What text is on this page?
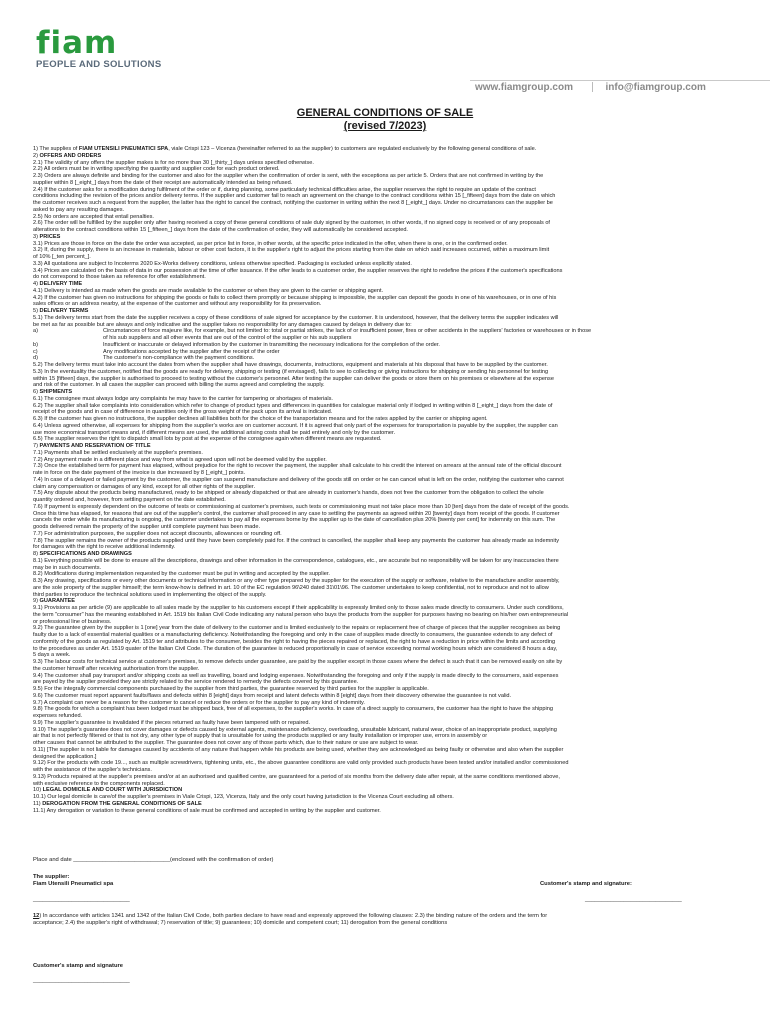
fiam
PEOPLE AND SOLUTIONS
www.fiamgroup.com	info@fiamgroup.com
GENERAL CONDITIONS OF SALE
(revised 7/2023)
1) The supplies of FIAM UTENSILI PNEUMATICI SPA, viale Crispi 123 – Vicenza (hereinafter referred to as the supplier) to customers are regulated exclusively by the following general conditions of sale.
2) OFFERS AND ORDERS
2.1) The validity of any offers the supplier makes is for no more than 30 [_thirty_] days unless specified otherwise.
2.2) All orders must be in writing specifying the quantity and supplier code for each product ordered.
2.3) Orders are always definite and binding for the customer and also for the supplier when the confirmation of order is sent, with the exceptions as per article 5. Orders that are not confirmed in writing by the
supplier within 8 [_eight_] days from the date of their receipt are automatically intended as being refused.
2.4) If the customer asks for a modification during fulfilment of the order or if, during planning, some particularly technical difficulties arise, the supplier reserves the right to require an update of the contract
conditions including the revision of the prices and/or delivery terms. If the supplier and customer fail to reach an agreement on the change to the contract conditions within 15 [_fifteen] days from the date on which
the customer receives such a request from the supplier, the latter has the right to cancel the contract, notifying the customer in writing within the next 8 [_eight_] days. Under no circumstances can the supplier be
asked to pay any resulting damages.
2.5) No orders are accepted that entail penalties.
2.6) The order will be fulfilled by the supplier only after having received a copy of these general conditions of sale duly signed by the customer, in other words, if no signed copy is received or of any proposals of
alterations to the contract conditions within 15 [_fifteen_] days from the date of the confirmation of order, they will automatically be considered accepted.
3) PRICES
3.1) Prices are those in force on the date the order was accepted, as per price list in force, in other words, at the specific price indicated in the offer, when there is one, or in the confirmed order.
3.2) If, during the supply, there is an increase in materials, labour or other cost factors, it is the supplier's right to adjust the prices starting from the date on which said increases occurred, within a maximum limit
of 10% [_ten percent_].
3.3) All quotations are subject to Incoterms 2020 Ex-Works delivery conditions, unless otherwise specified. Packaging is excluded unless explicitly stated.
3.4) Prices are calculated on the basis of data in our possession at the time of offer issuance. If the offer leads to a customer order, the supplier reserves the right to redefine the prices if the customer's specifications
do not correspond to those taken as reference for offer establishment.
4) DELIVERY TIME
4.1) Delivery is intended as made when the goods are made available to the customer or when they are given to the carrier or shipping agent.
4.2) If the customer has given no instructions for shipping the goods or fails to collect them promptly or because shipping is impossible, the supplier can deposit the goods in one of his warehouses, or in one of his
sales offices or an address nearby, at the expense of the customer and without any responsibility for its preservation.
5) DELIVERY TERMS
5.1) The delivery terms start from the date the supplier receives a copy of these conditions of sale signed for acceptance by the customer. It is understood, however, that the delivery terms the supplier indicates will
be met as far as possible but are always and only indicative and the supplier takes no responsibility for any damages caused by delays in delivery due to:
a)	Circumstances of force majeure like, for example, but not limited to: total or partial strikes, the lack of or insufficient power, fires or other accidents in the suppliers' factories or warehouses or in those
of his sub suppliers and all other events that are out of the control of the supplier or his sub suppliers
b)	Insufficient or inaccurate or delayed information by the customer in transmitting the necessary indications for the completion of the order.
c)	Any modifications accepted by the supplier after the receipt of the order
d)	The customer's non-compliance with the payment conditions.
5.2) The delivery terms must take into account the dates from when the supplier shall have drawings, documents, instructions, equipment and materials at his disposal that have to be supplied by the customer.
5.3) In the eventuality the customer, notified that the goods are ready for delivery, shipping or testing (if envisaged), fails to see to collecting or giving instructions for shipping or sending his personnel for testing
within 15 [fifteen] days, the supplier is authorised to proceed to testing without the customer's personnel. After testing the supplier can deliver the goods or store them on his premises or elsewhere at the expense
and risk of the customer. In all cases the supplier can proceed with billing the sums agreed and completing the supply.
6) SHIPMENTS
6.1) The consignee must always lodge any complaints he may have to the carrier for tampering or shortages of materials.
6.2) The supplier shall take complaints into consideration which refer to change of product types and differences in quantities for catalogue material only if lodged in writing within 8 [_eight_] days from the date of
receipt of the goods and in case of difference in quantities only if the gross weight of the pack upon its arrival is indicated.
6.3) If the customer has given no instructions, the supplier declines all liabilities both for the choice of the transportation means and for the rates applied by the carrier or shipping agent.
6.4) Unless agreed otherwise, all expenses for shipping from the supplier's works are on customer account. If it is agreed that only part of the expenses for transportation is payable by the supplier, the supplier can
use more economical transport means and, if different means are used, the additional arising costs shall be paid entirely and only by the customer.
6.5) The supplier reserves the right to dispatch small lots by post at the expense of the consignee again when different means are requested.
7) PAYMENTS AND RESERVATION OF TITLE
7.1) Payments shall be settled exclusively at the supplier's premises.
7.2) Any payment made in a different place and way from what is agreed upon will not be deemed valid by the supplier.
7.3) Once the established term for payment has elapsed, without prejudice for the right to recover the payment, the supplier shall calculate to his credit the interest on arrears at the annual rate of the official discount
rate in force on the date payment of the invoice is due increased by 8 [_eight_] points.
7.4) In case of a delayed or failed payment by the customer, the supplier can suspend manufacture and delivery of the goods still on order or he can cancel what is left on the order, notifying the customer who cannot
claim any compensation or damages of any kind, except for all other rights of the supplier.
7.5) Any dispute about the products being manufactured, ready to be shipped or already dispatched or that are already in customer's hands, does not free the customer from the obligation to collect the whole
quantity ordered and, however, from settling payment on the date established.
7.6) If payment is expressly dependent on the outcome of tests or commissioning at customer's premises, such tests or commissioning must not take place more than 10 [ten] days from the date of receipt of the goods.
Once this time has elapsed, for reasons that are out of the supplier's control, the customer shall proceed in any case to settling the payments as agreed within 20 [twenty] days from receipt of the goods. If customer
cancels the order while its manufacturing is ongoing, the customer undertakes to pay all the expenses borne by the supplier up to the date of cancellation plus 20% [twenty per cent] for indemnity on this sum. The
goods delivered remain the property of the supplier until complete payment has been made.
7.7) For administration purposes, the supplier does not accept discounts, allowances or rounding off.
7.8) The supplier remains the owner of the products supplied until they have been completely paid for. If the contract is cancelled, the supplier shall keep any payments the customer has already made as indemnity
for damages with the right to receive additional indemnity.
8) SPECIFICATIONS AND DRAWINGS
8.1) Everything possible will be done to ensure all the descriptions, drawings and other information in the correspondence, catalogues, etc., are accurate but no responsibility will be taken for any inaccuracies there
may be in such documents.
8.2) Modifications during implementation requested by the customer must be put in writing and accepted by the supplier.
8.3) Any drawing, specifications or every other documents or technical information or any other type prepared by the supplier for the execution of the supply or software, relative to the manufacture and/or assembly,
are the sole property of the supplier himself; the term know-how is defined in art. 10 of the EC regulation 96\240 dated 31\01\96. The customer undertakes to keep confidential, not to reproduce and not to allow
third parties to reproduce the technical solutions used in implementing the object of the supply.
9) GUARANTEE
9.1) Provisions as per article (9) are applicable to all sales made by the supplier to his customers except if their applicability is expressly limited only to those sales made directly to consumers. Under such conditions,
the term "consumer" has the meaning established in Art. 1519 bis Italian Civil Code indicating any natural person who buys the products from the supplier for purposes having no bearing on his/her own entrepreneurial
or professional line of business.
9.2) The guarantee given by the supplier is 1 [one] year from the date of delivery to the customer and is limited exclusively to the repairs or replacement free of charge of pieces that the supplier recognises as being
faulty due to a lack of essential material qualities or a manufacturing deficiency. Notwithstanding the foregoing and only in the case of supplies made directly to consumers, the guarantee extends to any defect of
conformity of the goods as regulated by Art. 1519 ter and attributes to the consumer, besides the right to having the pieces repaired or replaced, the right to have a reduction in price within the limits and according
to the procedures as under Art. 1519 quater of the Italian Civil Code. The duration of the guarantee is reduced proportionally in case of service exceeding normal working hours which are considered 8 hours a day,
5 days a week.
9.3) The labour costs for technical service at customer's premises, to remove defects under guarantee, are paid by the supplier except in those cases where the defect is such that it can be removed easily on site by
the customer himself after receiving authorisation from the supplier.
9.4) The customer shall pay transport and/or shipping costs as well as travelling, board and lodging expenses. Notwithstanding the foregoing and only if the supply is made directly to the consumers, said expenses
are payed by the supplier provided they are strictly related to the service rendered to remedy the defects covered by this guarantee.
9.5) For the integrally commercial components purchased by the supplier from third parties, the guarantee reserved by third parties for the supplier is applicable.
9.6) The customer must report apparent faults/flaws and defects within 8 [eight] days from receipt and latent defects within 8 [eight] days from their discovery otherwise the guarantee is not valid.
9.7) A complaint can never be a reason for the customer to cancel or reduce the orders or for the supplier to pay any kind of indemnity.
9.8) The goods for which a complaint has been lodged must be shipped back, free of all expenses, to the supplier's works. In case of a direct supply to consumers, the customer has the right to have the shipping
expenses refunded.
9.9) The supplier's guarantee is invalidated if the pieces returned as faulty have been tampered with or repaired.
9.10) The supplier's guarantee does not cover damages or defects caused by external agents, maintenance deficiency, overloading, unsuitable lubricant, natural wear, choice of an inappropriate product, supplying
air that is not perfectly filtered or that is not dry, any other type of supply that is unsuitable for using the products supplied or any faulty installation or improper use, errors in assembly or
other causes that cannot be attributed to the supplier. The guarantee does not cover any of those parts which, due to their nature or use are subject to wear.
9.11) [The supplier is not liable for damages caused by accidents of any nature that happen while his products are being used, whether they are acknowledged as being faulty or otherwise and also when the supplier
designed the application.]
9.12) For the products with code 19..., such as multiple screwdrivers, tightening units, etc., the above guarantee conditions are valid only provided such products have been tested and/or installed and/or commissioned
with the assistance of the supplier's technicians.
9.13) Products repaired at the supplier's premises and/or at an authorised and qualified centre, are guaranteed for a period of six months from the delivery date after repair, at the same conditions mentioned above,
with exclusive reference to the components replaced.
10) LEGAL DOMICILE AND COURT WITH JURISDICTION
10.1) Our legal domicile is care/of the supplier's premises in Viale Crispi, 123, Vicenza, Italy and the only court having jurisdiction is the Vicenza Court excluding all others.
11) DEROGATION FROM THE GENERAL CONDITIONS OF SALE
11.1) Any derogation or variation to these general conditions of sale must be confirmed and accepted in writing by the supplier and customer.
Place and date ______________________________(enclosed with the confirmation of order)
The supplier:
Fiam Utensili Pneumatici spa	Customer's stamp and signature:
______________________________	______________________________
12) In accordance with articles 1341 and 1342 of the Italian Civil Code, both parties declare to have read and expressly approved the following clauses: 2.3) the binding nature of the orders and the term for
acceptance; 2.4) the supplier's right of withdrawal; 7) reservation of title; 9) guarantees; 10) domicile and competent court; 11) derogation from the general conditions
Customer's stamp and signature
______________________________
